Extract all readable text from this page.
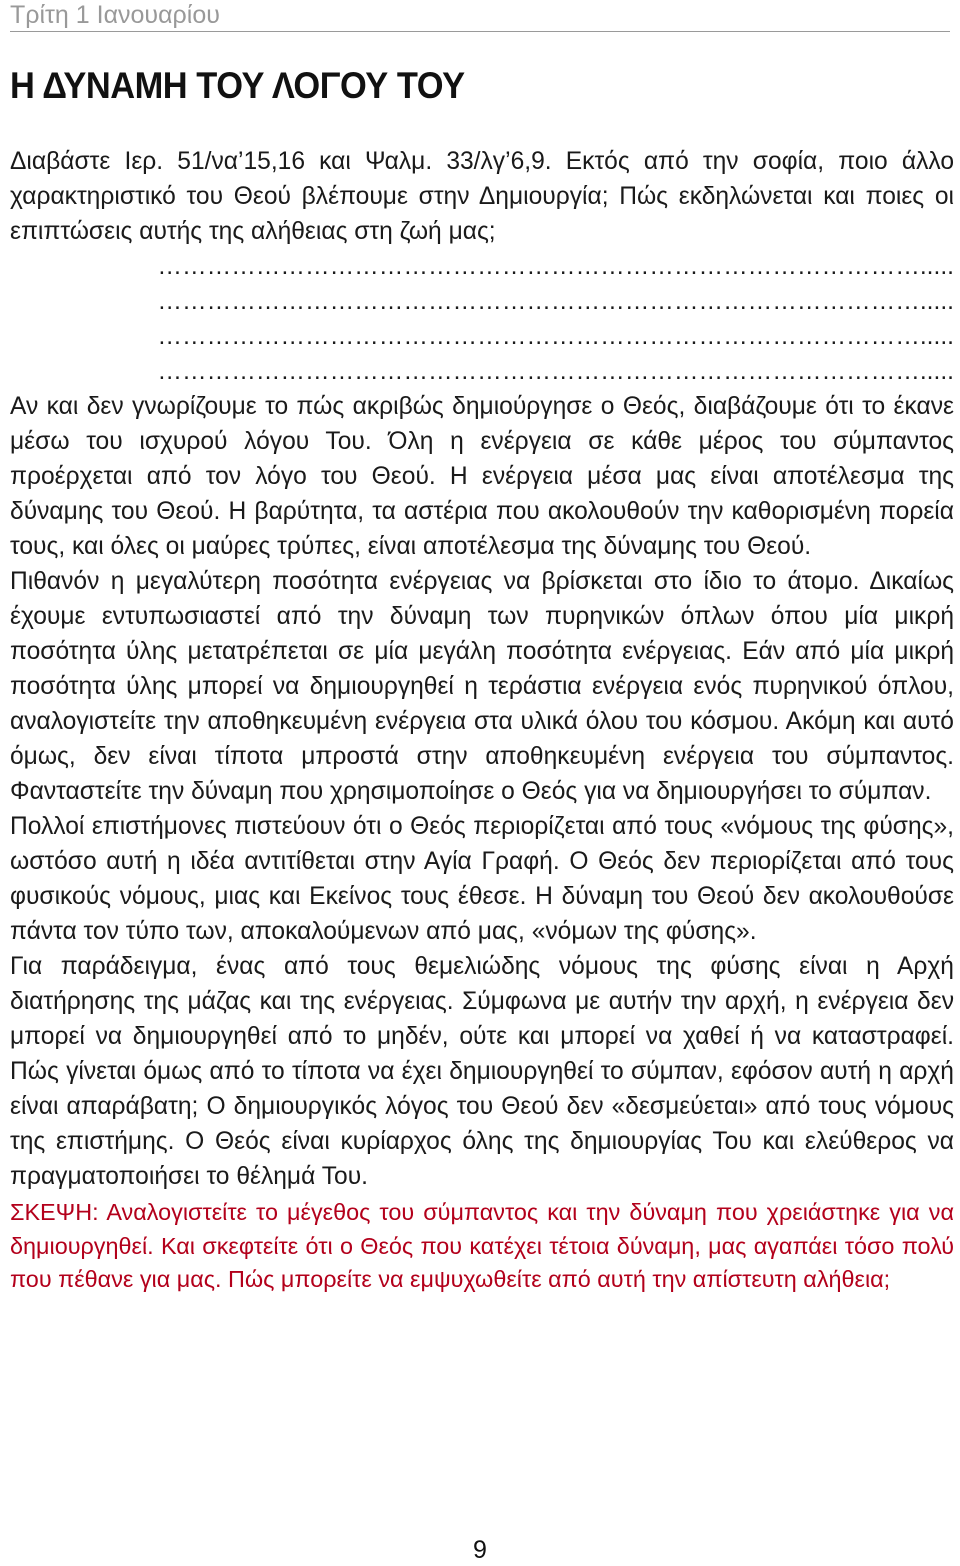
Τρίτη 1 Ιανουαρίου
Η ΔΥΝΑΜΗ ΤΟΥ ΛΟΓΟΥ ΤΟΥ

Διαβάστε Ιερ. 51/να’15,16 και Ψαλμ. 33/λγ’6,9. Εκτός από την σοφία, ποιο άλλο χαρακτηριστικό του Θεού βλέπουμε στην Δημιουργία; Πώς εκδηλώνεται και ποιες οι επιπτώσεις αυτής της αλήθειας στη ζωή μας;

………………………………………………………………………………….....
………………………………………………………………………………….....
………………………………………………………………………………….....
………………………………………………………………………………….....

Αν και δεν γνωρίζουμε το πώς ακριβώς δημιούργησε ο Θεός, διαβάζουμε ότι το έκανε μέσω του ισχυρού λόγου Του. Όλη η ενέργεια σε κάθε μέρος του σύμπαντος προέρχεται από τον λόγο του Θεού. Η ενέργεια μέσα μας είναι αποτέλεσμα της δύναμης του Θεού. Η βαρύτητα, τα αστέρια που ακολουθούν την καθορισμένη πορεία τους, και όλες οι μαύρες τρύπες, είναι αποτέλεσμα της δύναμης του Θεού.

Πιθανόν η μεγαλύτερη ποσότητα ενέργειας να βρίσκεται στο ίδιο το άτομο. Δικαίως έχουμε εντυπωσιαστεί από την δύναμη των πυρηνικών όπλων όπου μία μικρή ποσότητα ύλης μετατρέπεται σε μία μεγάλη ποσότητα ενέργειας. Εάν από μία μικρή ποσότητα ύλης μπορεί να δημιουργηθεί η τεράστια ενέργεια ενός πυρηνικού όπλου, αναλογιστείτε την αποθηκευμένη ενέργεια στα υλικά όλου του κόσμου. Ακόμη και αυτό όμως, δεν είναι τίποτα μπροστά στην αποθηκευμένη ενέργεια του σύμπαντος. Φανταστείτε την δύναμη που χρησιμοποίησε ο Θεός για να δημιουργήσει το σύμπαν.

Πολλοί επιστήμονες πιστεύουν ότι ο Θεός περιορίζεται από τους «νόμους της φύσης», ωστόσο αυτή η ιδέα αντιτίθεται στην Αγία Γραφή. Ο Θεός δεν περιορίζεται από τους φυσικούς νόμους, μιας και Εκείνος τους έθεσε. Η δύναμη του Θεού δεν ακολουθούσε πάντα τον τύπο των, αποκαλούμενων από μας, «νόμων της φύσης».

Για παράδειγμα, ένας από τους θεμελιώδης νόμους της φύσης είναι η Αρχή διατήρησης της μάζας και της ενέργειας. Σύμφωνα με αυτήν την αρχή, η ενέργεια δεν μπορεί να δημιουργηθεί από το μηδέν, ούτε και μπορεί να χαθεί ή να καταστραφεί. Πώς γίνεται όμως από το τίποτα να έχει δημιουργηθεί το σύμπαν, εφόσον αυτή η αρχή είναι απαράβατη; Ο δημιουργικός λόγος του Θεού δεν «δεσμεύεται» από τους νόμους της επιστήμης. Ο Θεός είναι κυρίαρχος όλης της δημιουργίας Του και ελεύθερος να πραγματοποιήσει το θέλημά Του.

ΣΚΕΨΗ: Αναλογιστείτε το μέγεθος του σύμπαντος και την δύναμη που χρειάστηκε για να δημιουργηθεί. Και σκεφτείτε ότι ο Θεός που κατέχει τέτοια δύναμη, μας αγαπάει τόσο πολύ που πέθανε για μας. Πώς μπορείτε να εμψυχωθείτε από αυτή την απίστευτη αλήθεια;

9
